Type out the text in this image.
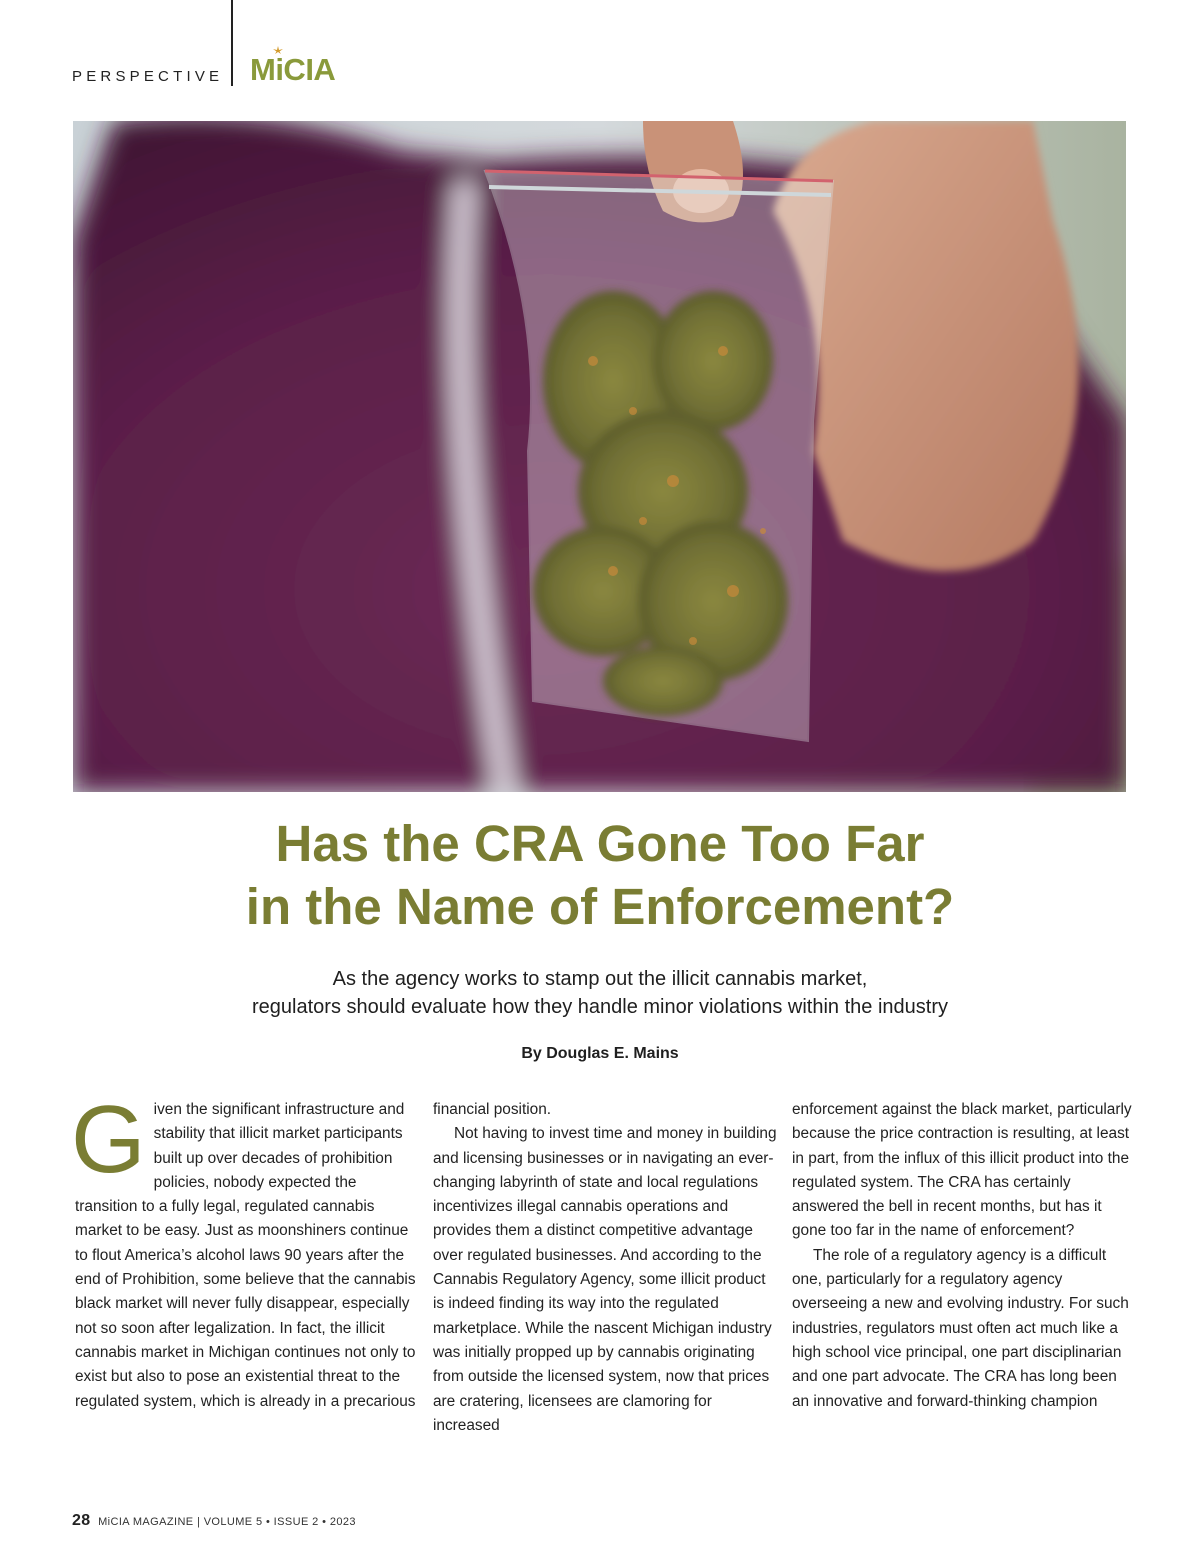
PERSPECTIVE MiCIA
Has the CRA Gone Too Far
in the Name of Enforcement?

As the agency works to stamp out the illicit cannabis market,
regulators should evaluate how they handle minor violations within the industry

By Douglas E. Mains

Given the significant infrastructure and stability that illicit market participants built up over decades of prohibition policies, nobody expected the transition to a fully legal, regulated cannabis market to be easy. Just as moonshiners continue to flout America’s alcohol laws 90 years after the end of Prohibition, some believe that the cannabis black market will never fully disappear, especially not so soon after legalization. In fact, the illicit cannabis market in Michigan continues not only to exist but also to pose an existential threat to the regulated system, which is already in a precarious

financial position.

Not having to invest time and money in building and licensing businesses or in navigating an ever-changing labyrinth of state and local regulations incentivizes illegal cannabis operations and provides them a distinct competitive advantage over regulated businesses. And according to the Cannabis Regulatory Agency, some illicit product is indeed finding its way into the regulated marketplace. While the nascent Michigan industry was initially propped up by cannabis originating from outside the licensed system, now that prices are cratering, licensees are clamoring for increased

enforcement against the black market, particularly because the price contraction is resulting, at least in part, from the influx of this illicit product into the regulated system. The CRA has certainly answered the bell in recent months, but has it gone too far in the name of enforcement?

The role of a regulatory agency is a difficult one, particularly for a regulatory agency overseeing a new and evolving industry. For such industries, regulators must often act much like a high school vice principal, one part disciplinarian and one part advocate. The CRA has long been an innovative and forward-thinking champion

28 MiCIA MAGAZINE | VOLUME 5 • ISSUE 2 • 2023
